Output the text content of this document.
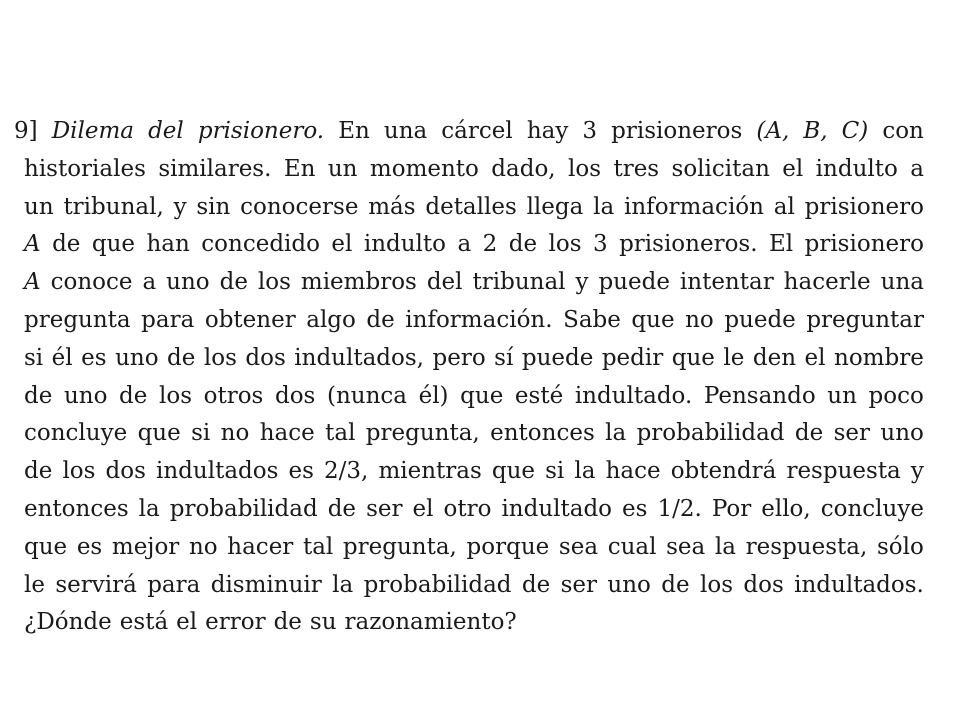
9] Dilema del prisionero. En una cárcel hay 3 prisioneros (A, B, C) con
historiales similares. En un momento dado, los tres solicitan el indulto a
un tribunal, y sin conocerse más detalles llega la información al prisionero
A de que han concedido el indulto a 2 de los 3 prisioneros. El prisionero
A conoce a uno de los miembros del tribunal y puede intentar hacerle una
pregunta para obtener algo de información. Sabe que no puede preguntar
si él es uno de los dos indultados, pero sí puede pedir que le den el nombre
de uno de los otros dos (nunca él) que esté indultado. Pensando un poco
concluye que si no hace tal pregunta, entonces la probabilidad de ser uno
de los dos indultados es 2/3, mientras que si la hace obtendrá respuesta y
entonces la probabilidad de ser el otro indultado es 1/2. Por ello, concluye
que es mejor no hacer tal pregunta, porque sea cual sea la respuesta, sólo
le servirá para disminuir la probabilidad de ser uno de los dos indultados.
¿Dónde está el error de su razonamiento?
